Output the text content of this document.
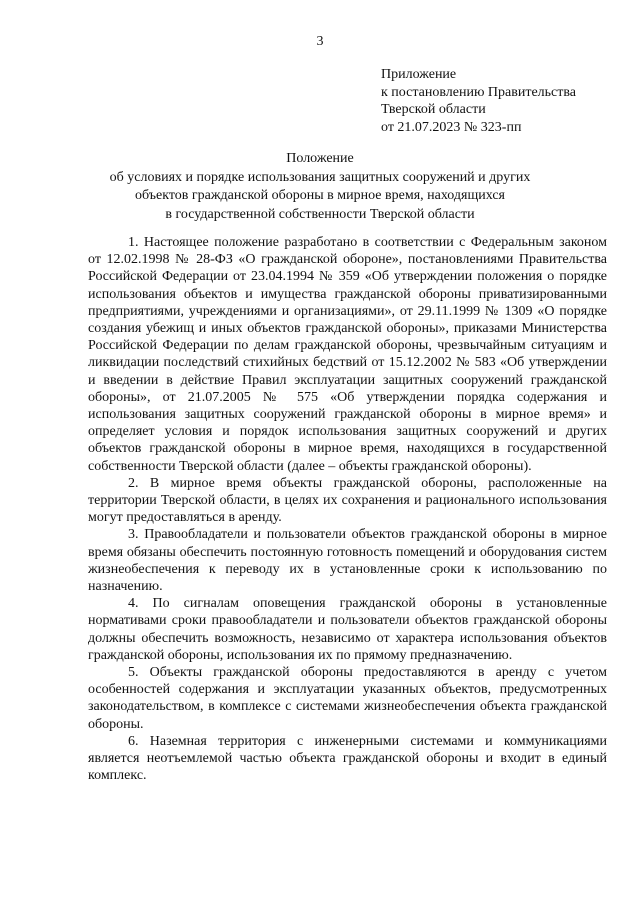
3
Приложение
к постановлению Правительства
Тверской области
от 21.07.2023 № 323-пп
Положение
об условиях и порядке использования защитных сооружений и других
объектов гражданской обороны в мирное время, находящихся
в государственной собственности Тверской области

1. Настоящее положение разработано в соответствии с Федеральным законом от 12.02.1998 № 28-ФЗ «О гражданской обороне», постановлениями Правительства Российской Федерации от 23.04.1994 № 359 «Об утверждении положения о порядке использования объектов и имущества гражданской обороны приватизированными предприятиями, учреждениями и организациями», от 29.11.1999 № 1309 «О порядке создания убежищ и иных объектов гражданской обороны», приказами Министерства Российской Федерации по делам гражданской обороны, чрезвычайным ситуациям и ликвидации последствий стихийных бедствий от 15.12.2002 № 583 «Об утверждении и введении в действие Правил эксплуатации защитных сооружений гражданской обороны», от 21.07.2005 № 575 «Об утверждении порядка содержания и использования защитных сооружений гражданской обороны в мирное время» и определяет условия и порядок использования защитных сооружений и других объектов гражданской обороны в мирное время, находящихся в государственной собственности Тверской области (далее – объекты гражданской обороны).

2. В мирное время объекты гражданской обороны, расположенные на территории Тверской области, в целях их сохранения и рационального использования могут предоставляться в аренду.

3. Правообладатели и пользователи объектов гражданской обороны в мирное время обязаны обеспечить постоянную готовность помещений и оборудования систем жизнеобеспечения к переводу их в установленные сроки к использованию по назначению.

4. По сигналам оповещения гражданской обороны в установленные нормативами сроки правообладатели и пользователи объектов гражданской обороны должны обеспечить возможность, независимо от характера использования объектов гражданской обороны, использования их по прямому предназначению.

5. Объекты гражданской обороны предоставляются в аренду с учетом особенностей содержания и эксплуатации указанных объектов, предусмотренных законодательством, в комплексе с системами жизнеобеспечения объекта гражданской обороны.

6. Наземная территория с инженерными системами и коммуникациями является неотъемлемой частью объекта гражданской обороны и входит в единый комплекс.
